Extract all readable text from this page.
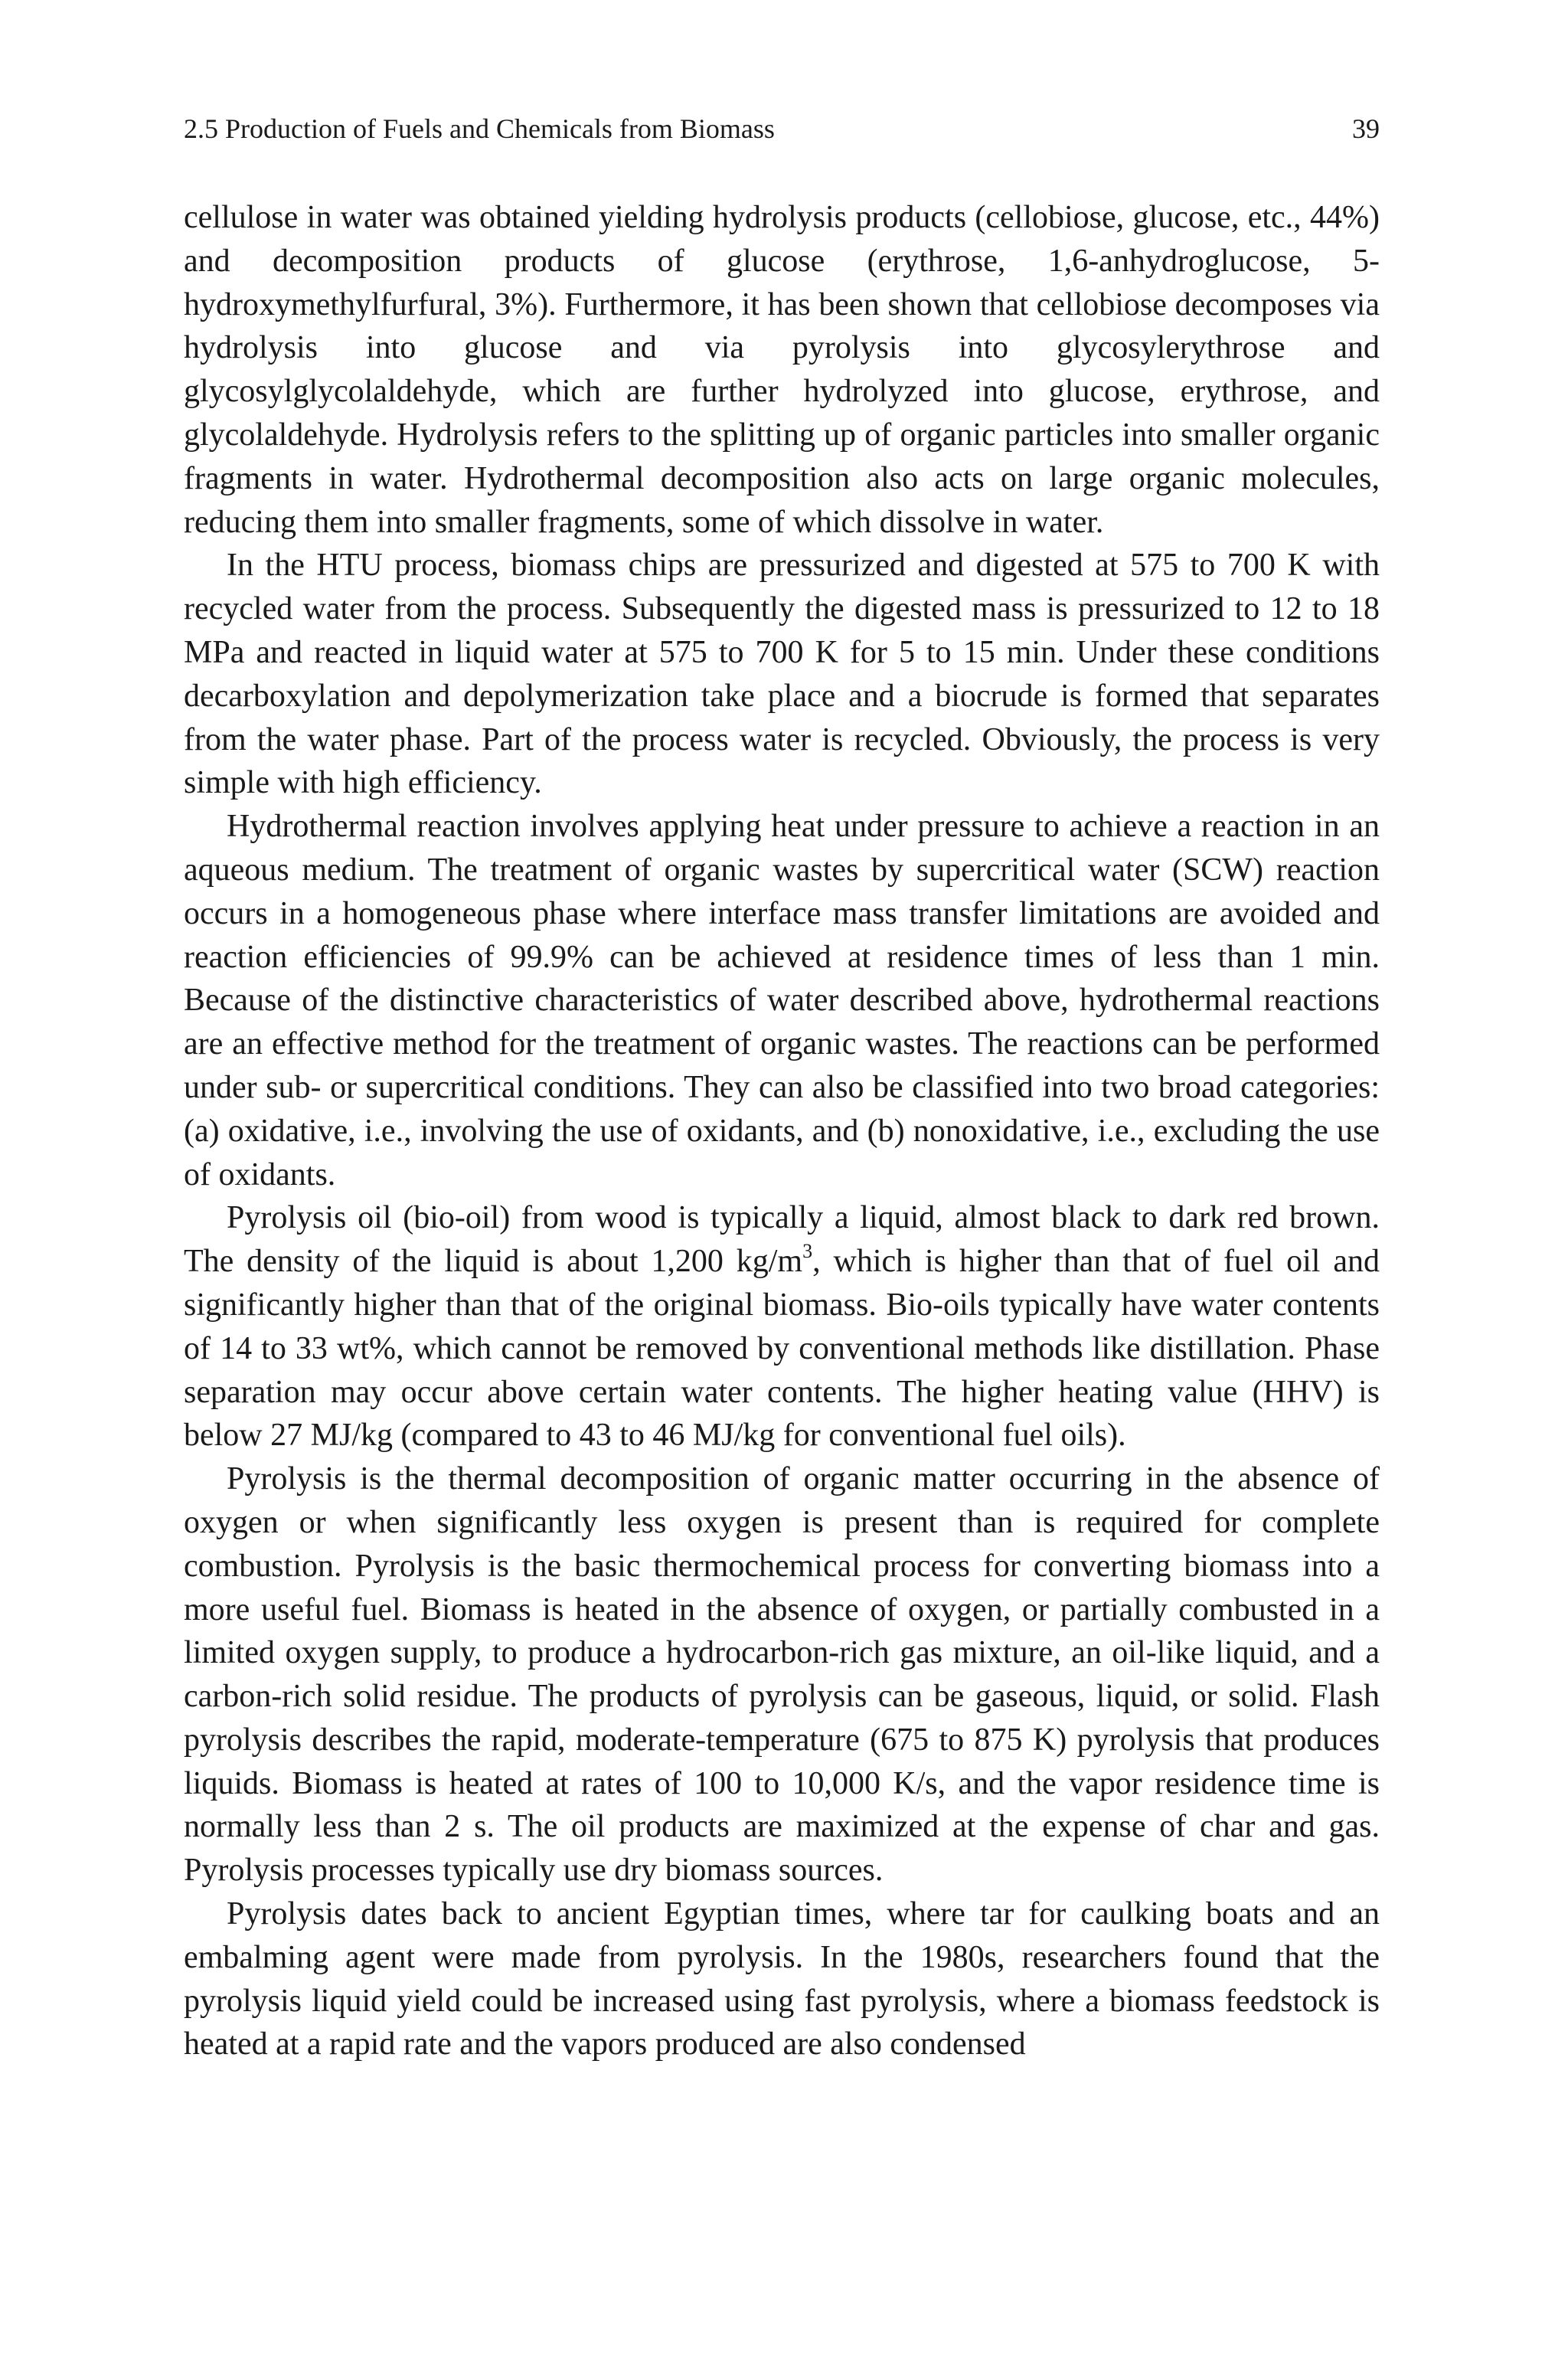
2.5 Production of Fuels and Chemicals from Biomass	39

cellulose in water was obtained yielding hydrolysis products (cellobiose, glucose, etc., 44%) and decomposition products of glucose (erythrose, 1,6-anhydroglucose, 5-hydroxymethylfurfural, 3%). Furthermore, it has been shown that cellobiose decomposes via hydrolysis into glucose and via pyrolysis into glycosylerythrose and glycosylglycolaldehyde, which are further hydrolyzed into glucose, erythrose, and glycolaldehyde. Hydrolysis refers to the splitting up of organic particles into smaller organic fragments in water. Hydrothermal decomposition also acts on large organic molecules, reducing them into smaller fragments, some of which dissolve in water.

In the HTU process, biomass chips are pressurized and digested at 575 to 700 K with recycled water from the process. Subsequently the digested mass is pressurized to 12 to 18 MPa and reacted in liquid water at 575 to 700 K for 5 to 15 min. Under these conditions decarboxylation and depolymerization take place and a biocrude is formed that separates from the water phase. Part of the process water is recycled. Obviously, the process is very simple with high efficiency.

Hydrothermal reaction involves applying heat under pressure to achieve a reaction in an aqueous medium. The treatment of organic wastes by supercritical water (SCW) reaction occurs in a homogeneous phase where interface mass transfer limitations are avoided and reaction efficiencies of 99.9% can be achieved at residence times of less than 1 min. Because of the distinctive characteristics of water described above, hydrothermal reactions are an effective method for the treatment of organic wastes. The reactions can be performed under sub- or supercritical conditions. They can also be classified into two broad categories: (a) oxidative, i.e., involving the use of oxidants, and (b) nonoxidative, i.e., excluding the use of oxidants.

Pyrolysis oil (bio-oil) from wood is typically a liquid, almost black to dark red brown. The density of the liquid is about 1,200 $kg/m^3$, which is higher than that of fuel oil and significantly higher than that of the original biomass. Bio-oils typically have water contents of 14 to 33 wt%, which cannot be removed by conventional methods like distillation. Phase separation may occur above certain water contents. The higher heating value (HHV) is below 27 MJ/kg (compared to 43 to 46 MJ/kg for conventional fuel oils).

Pyrolysis is the thermal decomposition of organic matter occurring in the absence of oxygen or when significantly less oxygen is present than is required for complete combustion. Pyrolysis is the basic thermochemical process for converting biomass into a more useful fuel. Biomass is heated in the absence of oxygen, or partially combusted in a limited oxygen supply, to produce a hydrocarbon-rich gas mixture, an oil-like liquid, and a carbon-rich solid residue. The products of pyrolysis can be gaseous, liquid, or solid. Flash pyrolysis describes the rapid, moderate-temperature (675 to 875 K) pyrolysis that produces liquids. Biomass is heated at rates of 100 to 10,000 K/s, and the vapor residence time is normally less than 2 s. The oil products are maximized at the expense of char and gas. Pyrolysis processes typically use dry biomass sources.

Pyrolysis dates back to ancient Egyptian times, where tar for caulking boats and an embalming agent were made from pyrolysis. In the 1980s, researchers found that the pyrolysis liquid yield could be increased using fast pyrolysis, where a biomass feedstock is heated at a rapid rate and the vapors produced are also condensed
